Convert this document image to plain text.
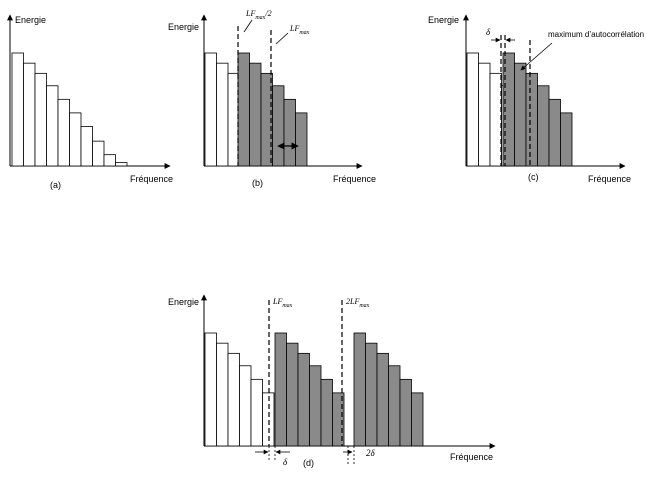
Energie
Fréquence
(a)
Energie
Fréquence
(b)
$LF_{max}/2$
$LF_{max}$
Energie
Fréquence
(c)
δ	maximum d’autocorrélation
Energie
Fréquence
(d)
$LF_{max}$	$2LF_{max}$
δ
2δ
